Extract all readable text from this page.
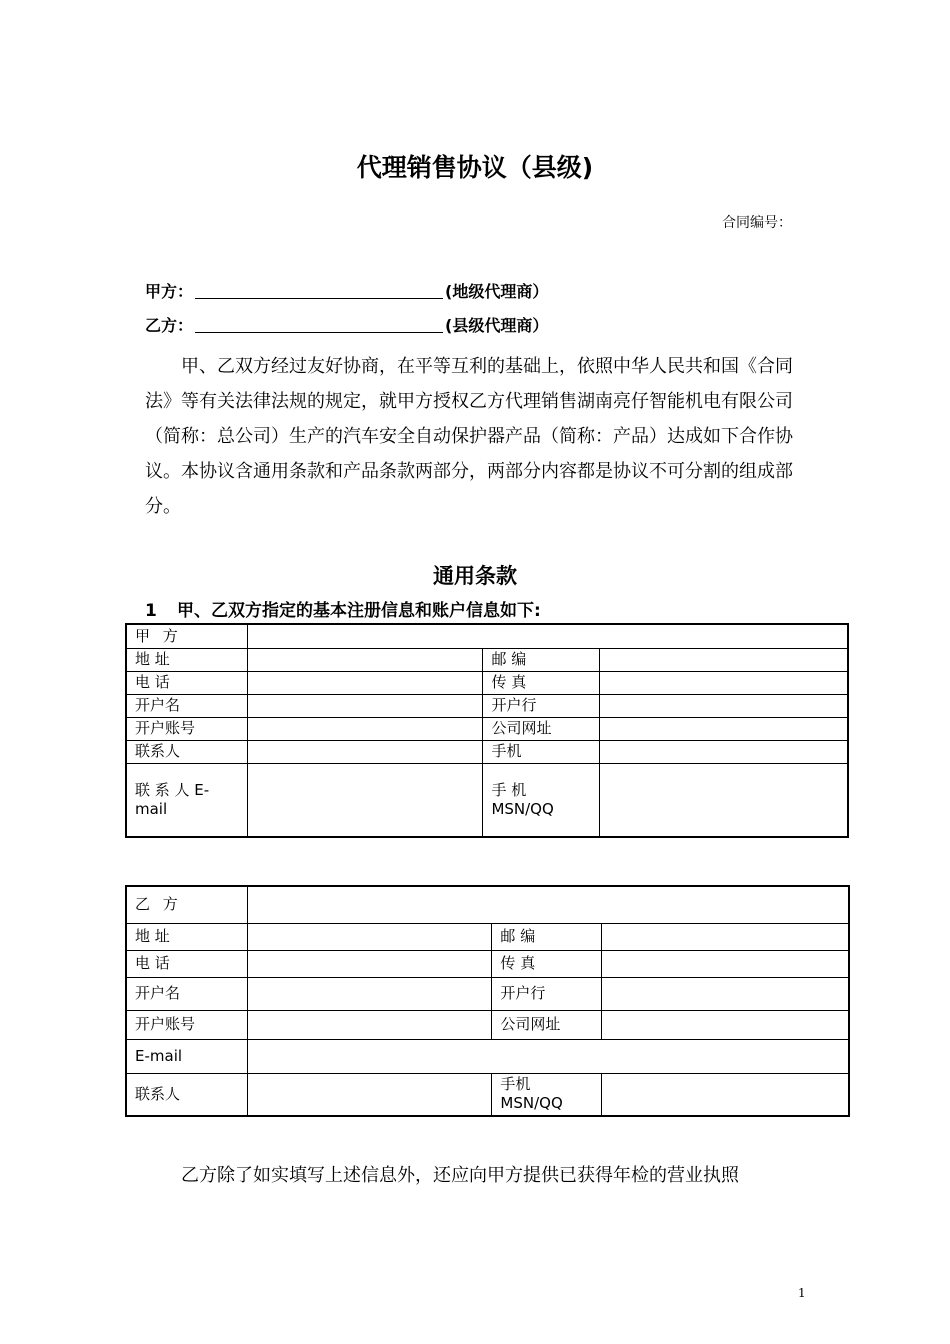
代理销售协议（县级)
合同编号：
甲方：	(地级代理商）
乙方：	(县级代理商）
甲、乙双方经过友好协商，在平等互利的基础上，依照中华人民共和国《合同法》等有关法律法规的规定，就甲方授权乙方代理销售湖南亮仔智能机电有限公司（简称：总公司）生产的汽车安全自动保护器产品（简称：产品）达成如下合作协议。本协议含通用条款和产品条款两部分，两部分内容都是协议不可分割的组成部分。
通用条款
1 甲、乙双方指定的基本注册信息和账户信息如下:
甲 方			
地 址		邮 编	
电 话		传 真	
开户名		开户行	
开户账号		公司网址	
联系人		手机	
联 系 人 E-mail		手 机 MSN/QQ	
乙 方			
地 址		邮 编	
电 话		传 真	
开户名		开户行	
开户账号		公司网址	
E-mail			
联系人		手机 MSN/QQ	
乙方除了如实填写上述信息外，还应向甲方提供已获得年检的营业执照
1
